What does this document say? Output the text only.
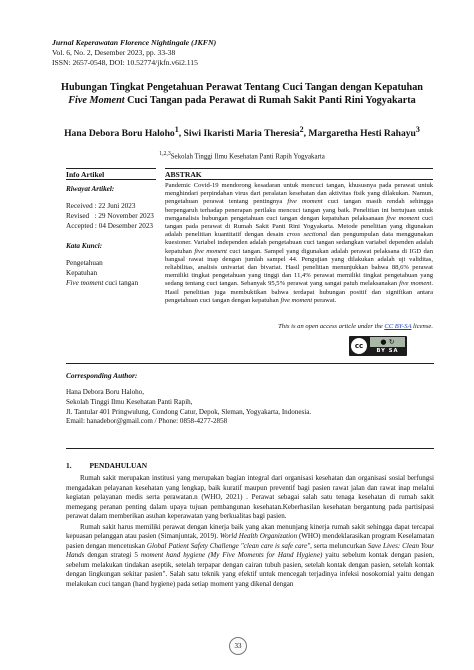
Jurnal Keperawatan Florence Nightingale (JKFN)
Vol. 6, No. 2, Desember 2023, pp. 33-38
ISSN: 2657-0548, DOI: 10.52774/jkfn.v6i2.115
Hubungan Tingkat Pengetahuan Perawat Tentang Cuci Tangan dengan Kepatuhan Five Moment Cuci Tangan pada Perawat di Rumah Sakit Panti Rini Yogyakarta
Hana Debora Boru Haloho$^1$, Siwi Ikaristi Maria Theresia$^2$, Margaretha Hesti Rahayu$^3$
$^{1,2,3}$Sekolah Tinggi Ilmu Kesehatan Panti Rapih Yogyakarta
Info Artikel	ABSTRAK
Riwayat Artikel:
Received : 22 Juni 2023
Revised   : 29 November 2023
Accepted : 04 Desember 2023
Kata Kunci:
Pengetahuan
Kepatuhan
Five moment cuci tangan
Pandemic Covid-19 mendorong kesadaran untuk mencuci tangan, khususnya pada perawat untuk menghindari perpindahan virus dari peralatan kesehatan dan aktivitas fisik yang dilakukan. Namun, pengetahuan perawat tentang pentingnya five moment cuci tangan masih rendah sehingga berpengaruh terhadap penerapan perilaku mencuci tangan yang baik. Penelitian ini bertujuan untuk menganalisis hubungan pengetahuan cuci tangan dengan kepatuhan pelaksanaan five moment cuci tangan pada perawat di Rumah Sakit Panti Rini Yogyakarta. Metode penelitian yang digunakan adalah penelitian kuantitatif dengan desain cross sectional dan pengumpulan data menggunakan kuesioner. Variabel independen adalah pengetahuan cuci tangan sedangkan variabel dependen adalah kepatuhan five moment cuci tangan. Sampel yang digunakan adalah perawat pelaksana di IGD dan bangsal rawat inap dengan jumlah sampel 44. Pengujian yang dilakukan adalah uji validitas, reliabilitas, analisis univariat dan bivariat. Hasil penelitian menunjukkan bahwa 88,6% perawat memiliki tingkat pengetahuan yang tinggi dan 11,4% perawat memiliki tingkat pengetahuan yang sedang tentang cuci tangan. Sebanyak 95,5% perawat yang sangat patuh melaksanakan five moment. Hasil penelitian juga membuktikan bahwa terdapat hubungan positif dan signifikan antara pengetahuan cuci tangan dengan kepatuhan five moment perawat.
This is an open access article under the CC BY-SA license.
cc	● ↻
BY SA
Corresponding Author:
Hana Debora Boru Haloho,
Sekolah Tinggi Ilmu Kesehatan Panti Rapih,
Jl. Tantular 401 Pringwulung, Condong Catur, Depok, Sleman, Yogyakarta, Indonesia.
Email: hanadebor@gmail.com / Phone: 0858-4277-2858
1. PENDAHULUAN

Rumah sakit merupakan institusi yang merupakan bagian integral dari organisasi kesehatan dan organisasi sosial berfungsi mengadakan pelayanan kesehatan yang lengkap, baik kuratif maupun preventif bagi pasien rawat jalan dan rawat inap melalui kegiatan pelayanan medis serta perawatan.n (WHO, 2021) . Perawat sebagai salah satu tenaga kesehatan di rumah sakit memegang peranan penting dalam upaya tujuan pembangunan kesehatan.Keberhasilan kesehatan bergantung pada partisipasi perawat dalam memberikan asuhan keperawatan yang berkualitas bagi pasien.

Rumah sakit harus memiliki perawat dengan kinerja baik yang akan menunjang kinerja rumah sakit sehingga dapat tercapai kepuasan pelanggan atau pasien (Simanjuntak, 2019). World Health Organization (WHO) mendeklarasikan program Keselamatan pasien dengan mencetuskan Global Patient Safety Challenge "clean care is safe care", serta meluncurkan Save Lives: Clean Your Hands dengan strategi 5 moment hand hygiene (My Five Moments for Hand Hygiene) yaitu sebelum kontak dengan pasien, sebelum melakukan tindakan aseptik, setelah terpapar dengan cairan tubuh pasien, setelah kontak dengan pasien, setelah kontak dengan lingkungan sekitar pasien". Salah satu teknik yang efektif untuk mencegah terjadinya infeksi nosokomial yaitu dengan melakukan cuci tangan (hand hygiene) pada setiap moment yang dikenal dengan

33
